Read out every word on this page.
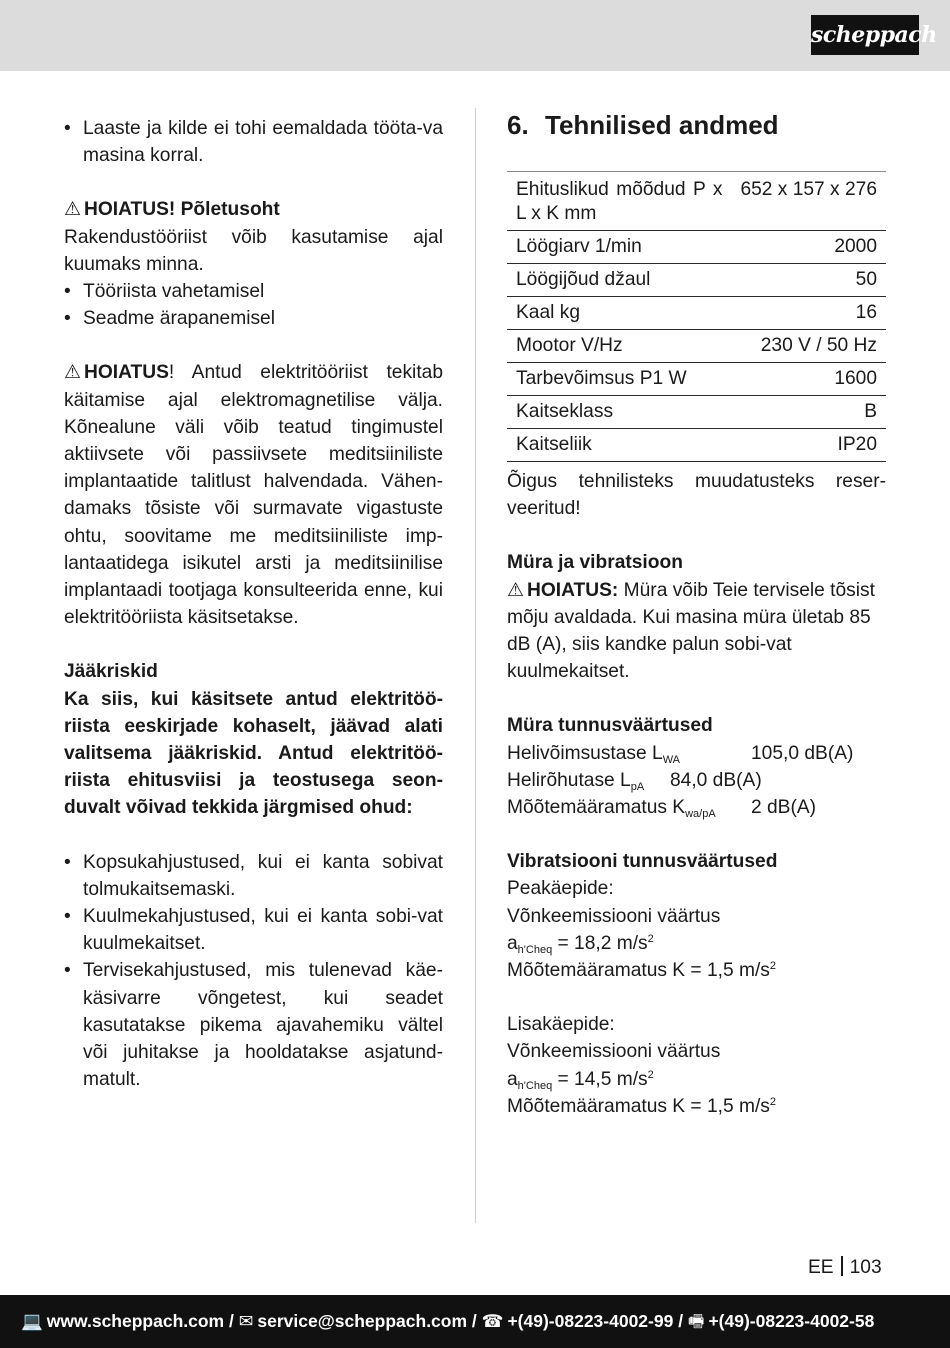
scheppach
• Laaste ja kilde ei tohi eemaldada tööta-va masina korral.
⚠ HOIATUS! Põletusoht
Rakendustööriist võib kasutamise ajal kuumaks minna.
• Tööriista vahetamisel
• Seadme ärapanemisel
⚠ HOIATUS! Antud elektritööriist tekitab käitamise ajal elektromagnetilise välja. Kõnealune väli võib teatud tingimustel aktiivsete või passiivsete meditsiiniliste implantaatide talitlust halvendada. Vähen-damaks tõsiste või surmavate vigastuste ohtu, soovitame me meditsiiniliste imp-lantaatidega isikutel arsti ja meditsiinilise implantaadi tootjaga konsulteerida enne, kui elektritööriista käsitsetakse.
Jääkriskid
Ka siis, kui käsitsete antud elektritöö-riista eeskirjade kohaselt, jäävad alati valitsema jääkriskid. Antud elektritöö-riista ehitusviisi ja teostusega seon-duvalt võivad tekkida järgmised ohud:
• Kopsukahjustused, kui ei kanta sobivat tolmukaitsemaski.
• Kuulmekahjustused, kui ei kanta sobi-vat kuulmekaitset.
• Tervisekahjustused, mis tulenevad käe-käsivarre võngetest, kui seadet kasutatakse pikema ajavahemiku vältel või juhitakse ja hooldatakse asjatund-matult.
6. Tehnilised andmed
Ehituslikud mõõdud P x L x K mm	652 x 157 x 276
Löögiarv 1/min	2000
Löögijõud džaul	50
Kaal kg	16
Mootor V/Hz	230 V / 50 Hz
Tarbevõimsus P1 W	1600
Kaitseklass	B
Kaitseliik	IP20
Õigus tehnilisteks muudatusteks reser-veeritud!
Müra ja vibratsioon
⚠ HOIATUS: Müra võib Teie tervisele tõsist mõju avaldada. Kui masina müra ületab 85 dB (A), siis kandke palun sobi-vat kuulmekaitset.
Müra tunnusväärtused
Helivõimsustase $L_{WA}$	105,0 dB(A)
Helirõhutase $L_{pA}$	84,0 dB(A)
Mõõtemääramatus $K_{wa/pA}$	2 dB(A)
Vibratsiooni tunnusväärtused
Peakäepide:
Võnkeemissiooni väärtus
$a_{h'Cheq} = 18,2$ $m/s^2$
Mõõtemääramatus K = 1,5 $m/s^2$
Lisakäepide:
Võnkeemissiooni väärtus
$a_{h'Cheq} = 14,5$ $m/s^2$
Mõõtemääramatus K = 1,5 $m/s^2$
EE 103
💻 www.scheppach.com / ✉ service@scheppach.com / ☎ +(49)-08223-4002-99 / 🖷 +(49)-08223-4002-58
